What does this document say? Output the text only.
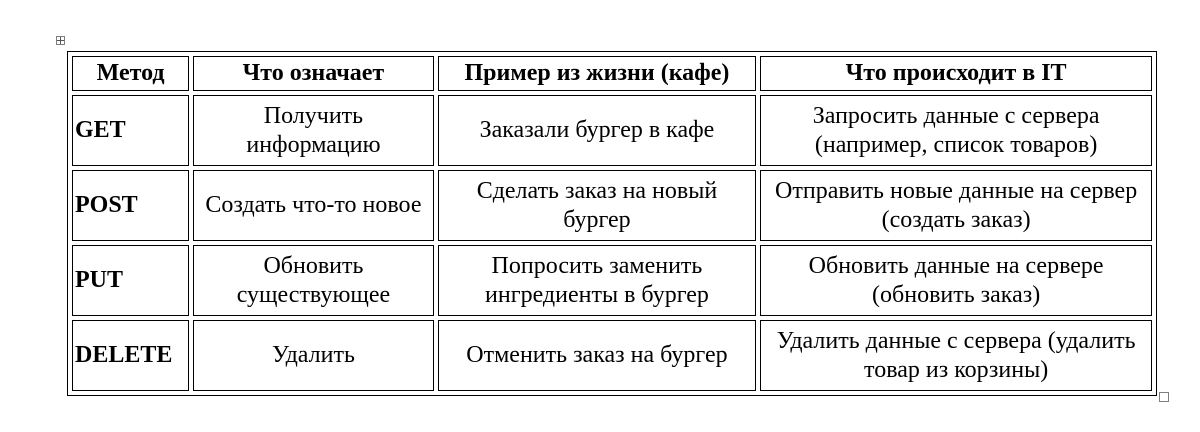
Метод	Что означает	Пример из жизни (кафе)	Что происходит в IT
GET	Получить информацию	Заказали бургер в кафе	Запросить данные с сервера (например, список товаров)
POST	Создать что-то новое	Сделать заказ на новый бургер	Отправить новые данные на сервер (создать заказ)
PUT	Обновить существующее	Попросить заменить ингредиенты в бургер	Обновить данные на сервере (обновить заказ)
DELETE	Удалить	Отменить заказ на бургер	Удалить данные с сервера (удалить товар из корзины)
